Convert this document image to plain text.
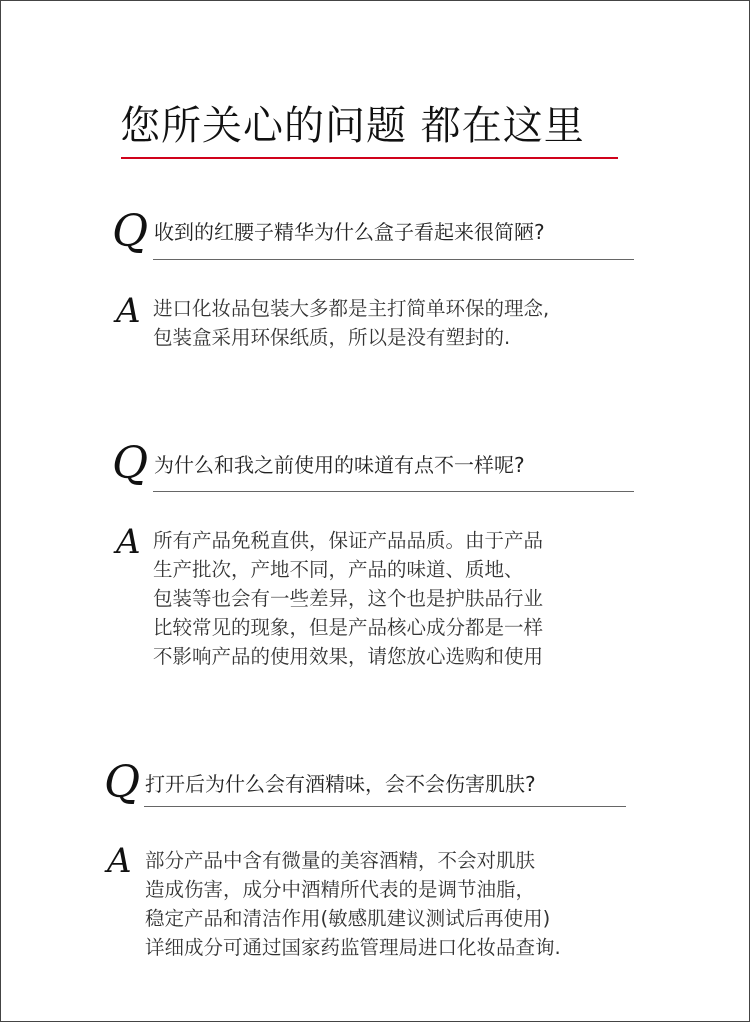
您所关心的问题 都在这里
Q 收到的红腰子精华为什么盒子看起来很简陋?
A 进口化妆品包装大多都是主打简单环保的理念,
包装盒采用环保纸质，所以是没有塑封的.
Q 为什么和我之前使用的味道有点不一样呢?
A 所有产品免税直供，保证产品品质。由于产品
生产批次，产地不同，产品的味道、质地、
包装等也会有一些差异，这个也是护肤品行业
比较常见的现象，但是产品核心成分都是一样
不影响产品的使用效果，请您放心选购和使用
Q 打开后为什么会有酒精味，会不会伤害肌肤?
A 部分产品中含有微量的美容酒精，不会对肌肤
造成伤害，成分中酒精所代表的是调节油脂，
稳定产品和清洁作用(敏感肌建议测试后再使用)
详细成分可通过国家药监管理局进口化妆品查询.
